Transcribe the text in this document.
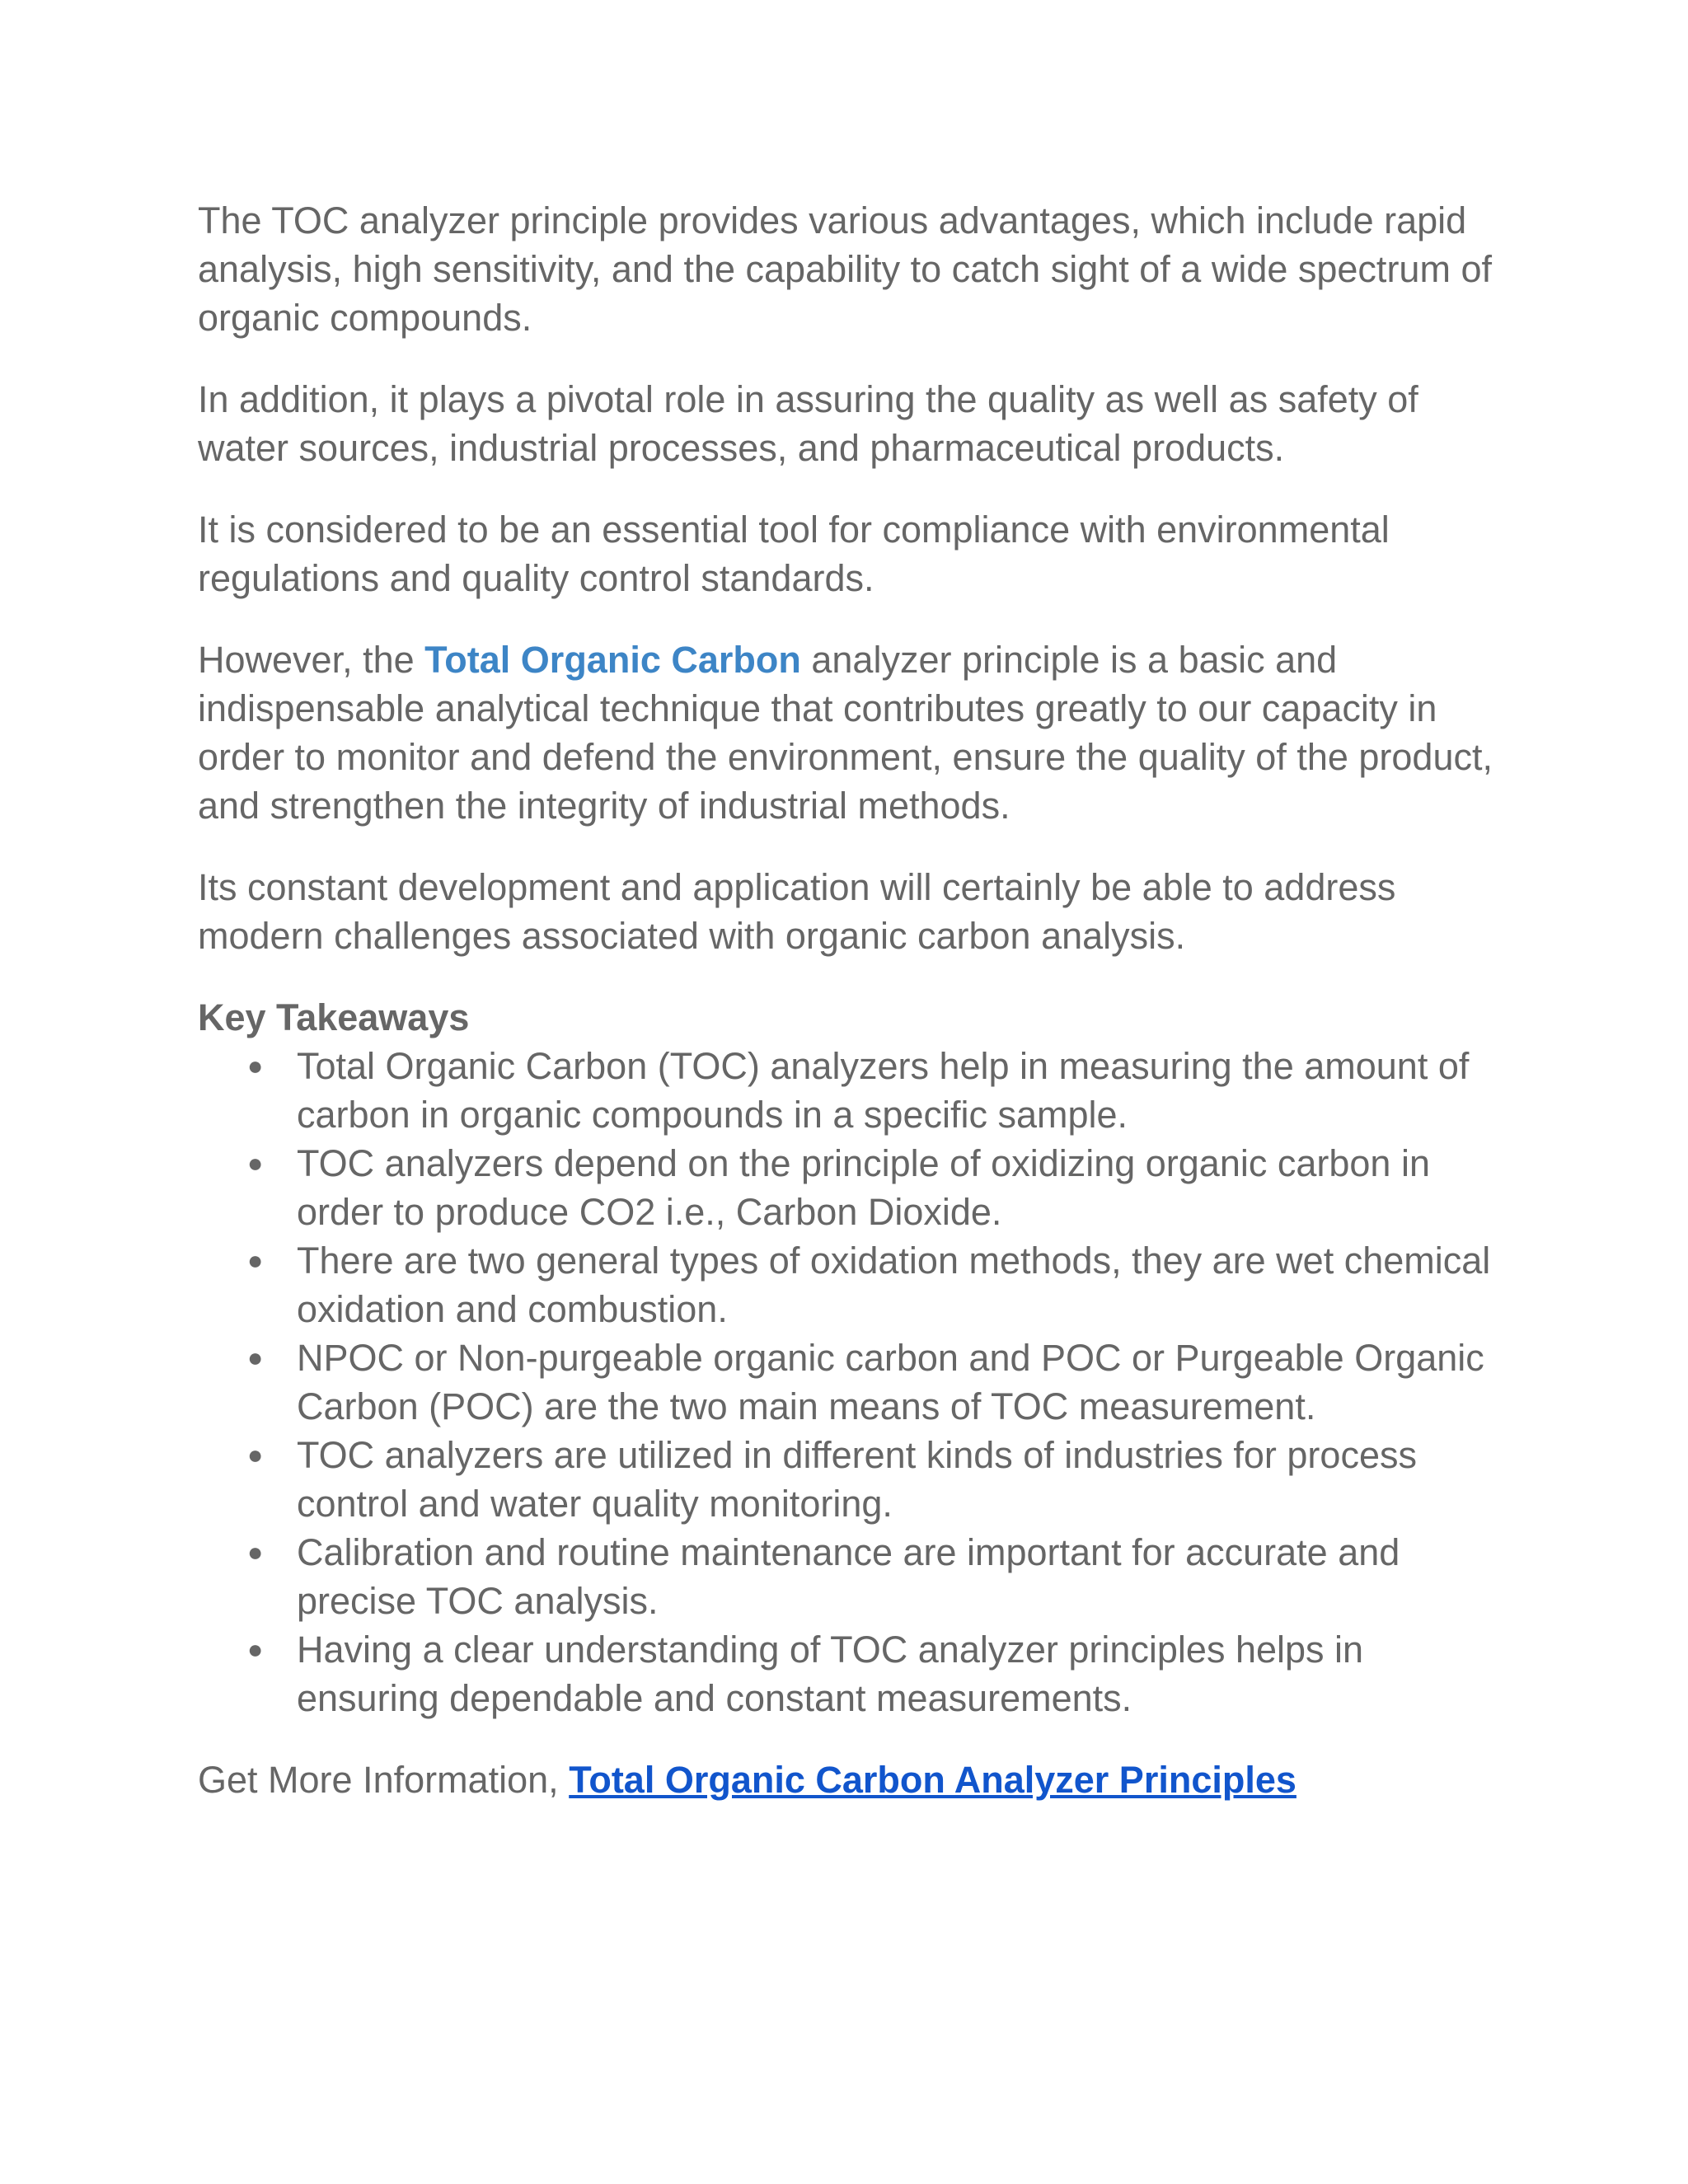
The TOC analyzer principle provides various advantages, which include rapid analysis, high sensitivity, and the capability to catch sight of a wide spectrum of organic compounds.

In addition, it plays a pivotal role in assuring the quality as well as safety of water sources, industrial processes, and pharmaceutical products.

It is considered to be an essential tool for compliance with environmental regulations and quality control standards.

However, the Total Organic Carbon analyzer principle is a basic and indispensable analytical technique that contributes greatly to our capacity in order to monitor and defend the environment, ensure the quality of the product, and strengthen the integrity of industrial methods.

Its constant development and application will certainly be able to address modern challenges associated with organic carbon analysis.

Key Takeaways
● Total Organic Carbon (TOC) analyzers help in measuring the amount of carbon in organic compounds in a specific sample.
● TOC analyzers depend on the principle of oxidizing organic carbon in order to produce CO2 i.e., Carbon Dioxide.
● There are two general types of oxidation methods, they are wet chemical oxidation and combustion.
● NPOC or Non-purgeable organic carbon and POC or Purgeable Organic Carbon (POC) are the two main means of TOC measurement.
● TOC analyzers are utilized in different kinds of industries for process control and water quality monitoring.
● Calibration and routine maintenance are important for accurate and precise TOC analysis.
● Having a clear understanding of TOC analyzer principles helps in ensuring dependable and constant measurements.

Get More Information, Total Organic Carbon Analyzer Principles
